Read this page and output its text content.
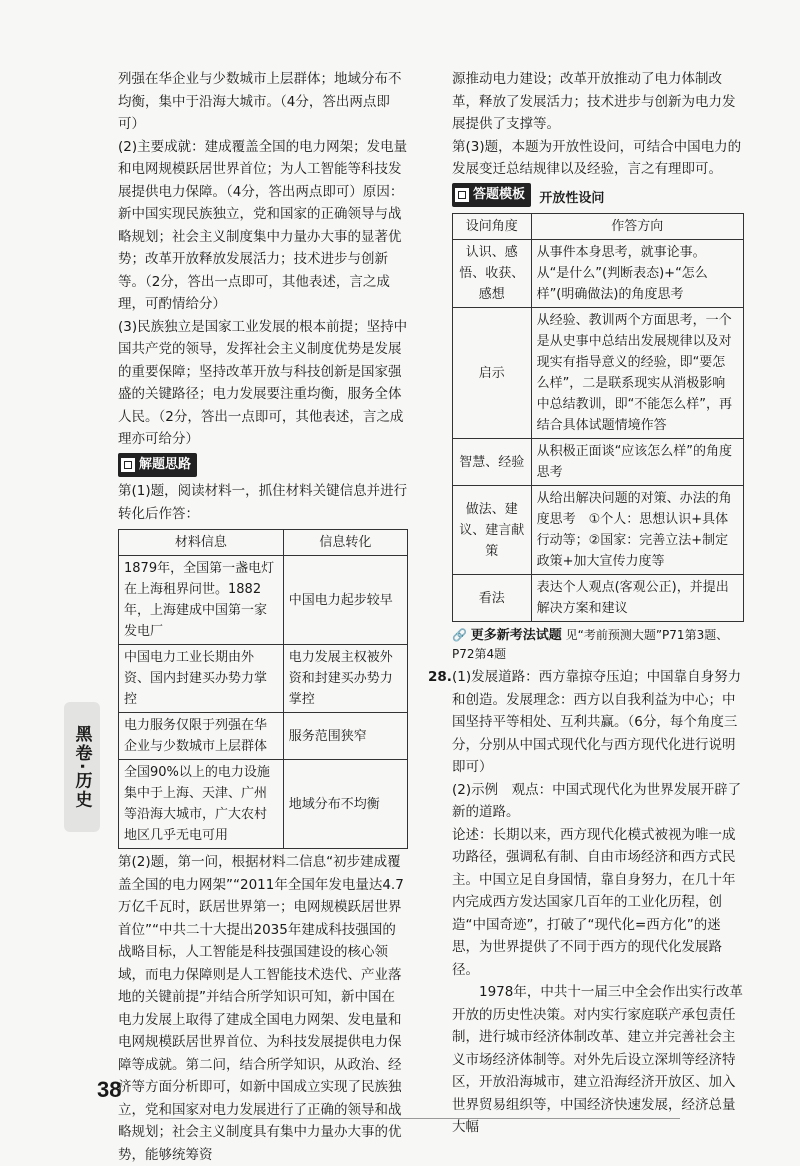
列强在华企业与少数城市上层群体；地域分布不均衡，集中于沿海大城市。（4分，答出两点即可）

(2)主要成就：建成覆盖全国的电力网架；发电量和电网规模跃居世界首位；为人工智能等科技发展提供电力保障。（4分，答出两点即可）原因：新中国实现民族独立，党和国家的正确领导与战略规划；社会主义制度集中力量办大事的显著优势；改革开放释放发展活力；技术进步与创新等。（2分，答出一点即可，其他表述，言之成理，可酌情给分）

(3)民族独立是国家工业发展的根本前提；坚持中国共产党的领导，发挥社会主义制度优势是发展的重要保障；坚持改革开放与科技创新是国家强盛的关键路径；电力发展要注重均衡，服务全体人民。（2分，答出一点即可，其他表述，言之成理亦可给分）

解题思路

第(1)题，阅读材料一，抓住材料关键信息并进行转化后作答：

材料信息	信息转化
1879年，全国第一盏电灯在上海租界问世。1882年，上海建成中国第一家发电厂	中国电力起步较早
中国电力工业长期由外资、国内封建买办势力掌控	电力发展主权被外资和封建买办势力掌控
电力服务仅限于列强在华企业与少数城市上层群体	服务范围狭窄
全国90%以上的电力设施集中于上海、天津、广州等沿海大城市，广大农村地区几乎无电可用	地域分布不均衡

第(2)题，第一问，根据材料二信息“初步建成覆盖全国的电力网架”“2011年全国年发电量达4.7万亿千瓦时，跃居世界第一；电网规模跃居世界首位”“中共二十大提出2035年建成科技强国的战略目标，人工智能是科技强国建设的核心领域，而电力保障则是人工智能技术迭代、产业落地的关键前提”并结合所学知识可知，新中国在电力发展上取得了建成全国电力网架、发电量和电网规模跃居世界首位、为科技发展提供电力保障等成就。第二问，结合所学知识，从政治、经济等方面分析即可，如新中国成立实现了民族独立，党和国家对电力发展进行了正确的领导和战略规划；社会主义制度具有集中力量办大事的优势，能够统筹资

源推动电力建设；改革开放推动了电力体制改革，释放了发展活力；技术进步与创新为电力发展提供了支撑等。

第(3)题，本题为开放性设问，可结合中国电力的发展变迁总结规律以及经验，言之有理即可。

答题模板 开放性设问
设问角度	作答方向
认识、感悟、收获、感想	从事件本身思考，就事论事。从“是什么”(判断表态)+“怎么样”(明确做法)的角度思考
启示	从经验、教训两个方面思考，一个是从史事中总结出发展规律以及对现实有指导意义的经验，即“要怎么样”，二是联系现实从消极影响中总结教训，即“不能怎么样”，再结合具体试题情境作答
智慧、经验	从积极正面谈“应该怎么样”的角度思考
做法、建议、建言献策	从给出解决问题的对策、办法的角度思考　①个人：思想认识+具体行动等；②国家：完善立法+制定政策+加大宣传力度等
看法	表达个人观点(客观公正)，并提出解决方案和建议

🔗 更多新考法试题 见“考前预测大题”P71第3题、P72第4题

28. (1)发展道路：西方靠掠夺压迫；中国靠自身努力和创造。发展理念：西方以自我利益为中心；中国坚持平等相处、互利共赢。（6分，每个角度三分，分别从中国式现代化与西方现代化进行说明即可）

(2)示例　观点：中国式现代化为世界发展开辟了新的道路。

论述：长期以来，西方现代化模式被视为唯一成功路径，强调私有制、自由市场经济和西方式民主。中国立足自身国情，靠自身努力，在几十年内完成西方发达国家几百年的工业化历程，创造“中国奇迹”，打破了“现代化=西方化”的迷思，为世界提供了不同于西方的现代化发展路径。

1978年，中共十一届三中全会作出实行改革开放的历史性决策。对内实行家庭联产承包责任制，进行城市经济体制改革、建立并完善社会主义市场经济体制等。对外先后设立深圳等经济特区，开放沿海城市，建立沿海经济开放区、加入世界贸易组织等，中国经济快速发展，经济总量大幅

黑卷·历史
38
